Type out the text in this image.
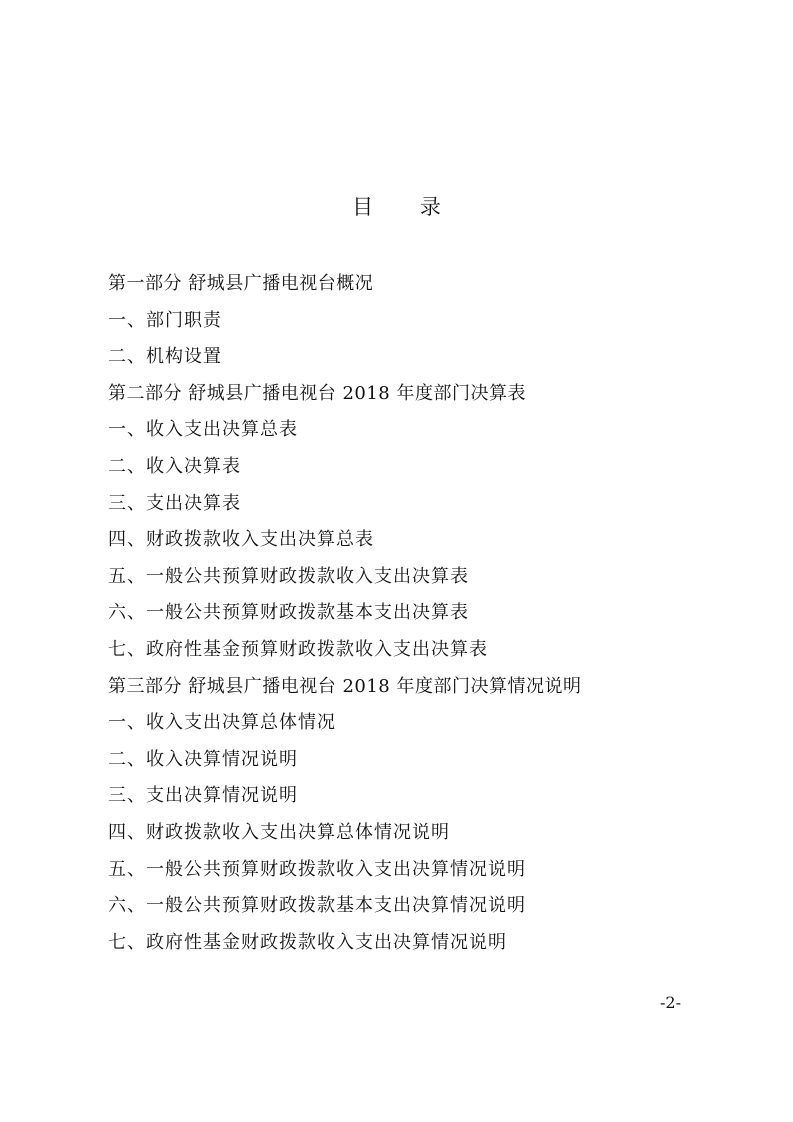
目 录
第一部分 舒城县广播电视台概况
一、部门职责
二、机构设置
第二部分 舒城县广播电视台 2018 年度部门决算表
一、收入支出决算总表
二、收入决算表
三、支出决算表
四、财政拨款收入支出决算总表
五、一般公共预算财政拨款收入支出决算表
六、一般公共预算财政拨款基本支出决算表
七、政府性基金预算财政拨款收入支出决算表
第三部分 舒城县广播电视台 2018 年度部门决算情况说明
一、收入支出决算总体情况
二、收入决算情况说明
三、支出决算情况说明
四、财政拨款收入支出决算总体情况说明
五、一般公共预算财政拨款收入支出决算情况说明
六、一般公共预算财政拨款基本支出决算情况说明
七、政府性基金财政拨款收入支出决算情况说明
-2-
